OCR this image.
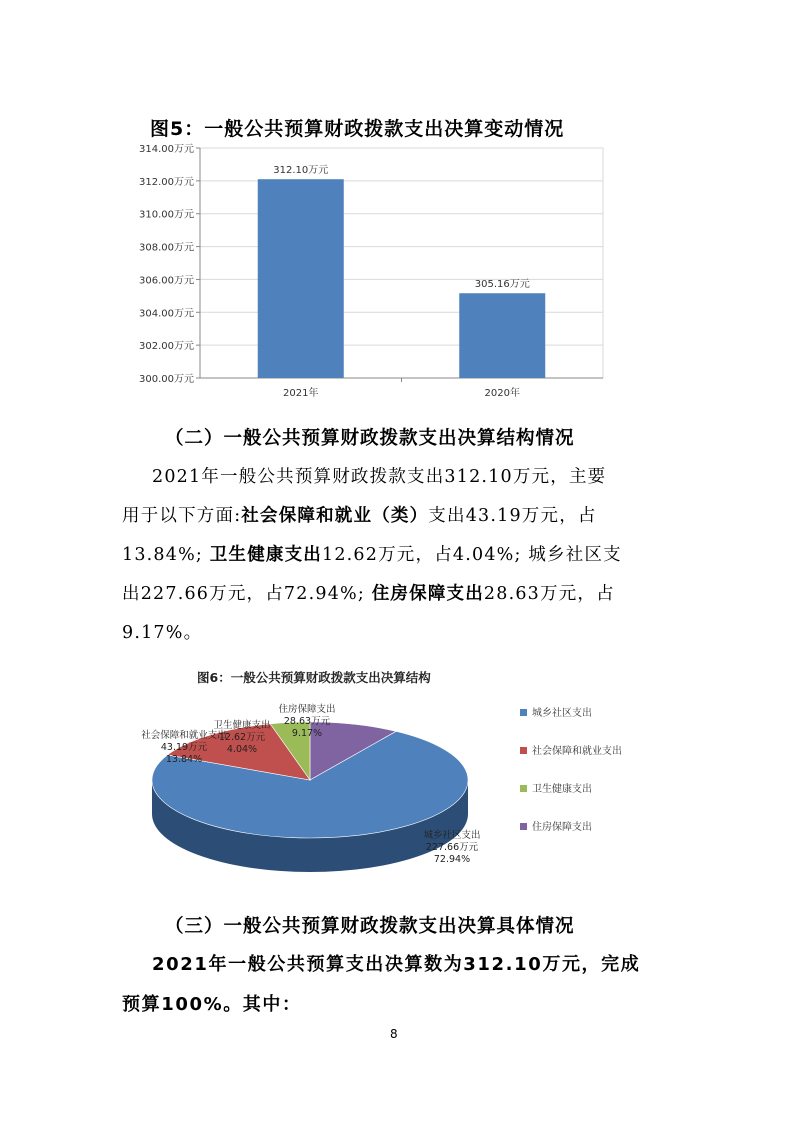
图5：一般公共预算财政拨款支出决算变动情况
314.00万元
312.00万元
310.00万元
308.00万元
306.00万元
304.00万元
302.00万元
300.00万元
2021年	2020年
312.10万元
305.16万元
（二）一般公共预算财政拨款支出决算结构情况
2021年一般公共预算财政拨款支出312.10万元，主要
用于以下方面:社会保障和就业（类）支出43.19万元，占
13.84%; 卫生健康支出12.62万元，占4.04%; 城乡社区支
出227.66万元，占72.94%; 住房保障支出28.63万元，占
9.17%。
图6：一般公共预算财政拨款支出决算结构
城乡社区支出
227.66万元
72.94%
社会保障和就业支出
43.19万元
13.84%
卫生健康支出
12.62万元
4.04%
住房保障支出
28.63万元
9.17%
城乡社区支出
社会保障和就业支出
卫生健康支出
住房保障支出
（三）一般公共预算财政拨款支出决算具体情况
2021年一般公共预算支出决算数为312.10万元，完成
预算100%。其中：
8
